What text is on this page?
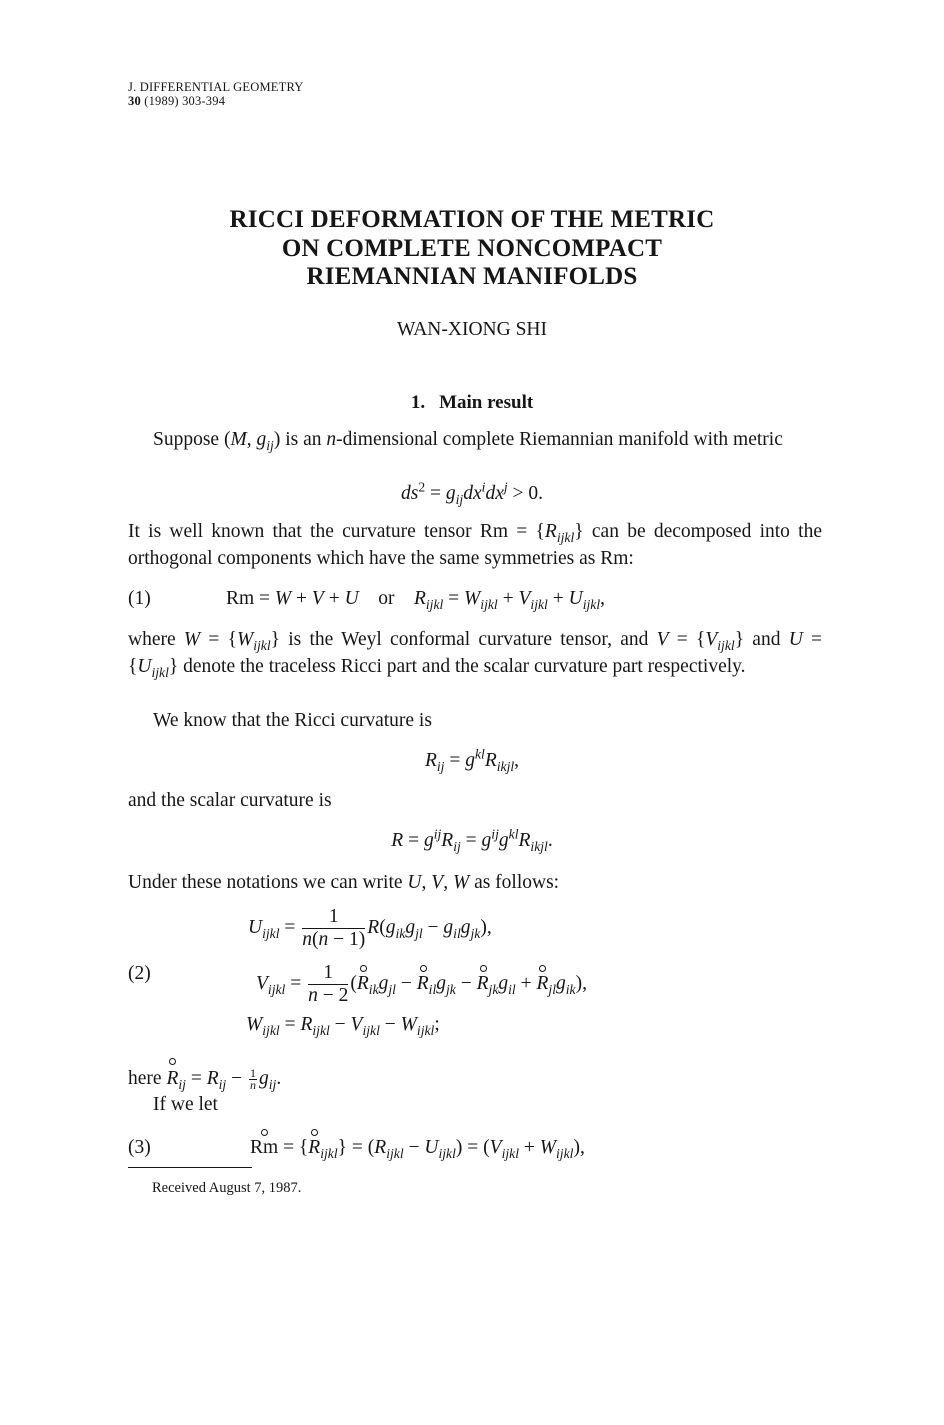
J. DIFFERENTIAL GEOMETRY
30 (1989) 303-394
RICCI DEFORMATION OF THE METRIC
ON COMPLETE NONCOMPACT
RIEMANNIAN MANIFOLDS
WAN-XIONG SHI
1. Main result
Suppose (M, $g_{ij}$) is an n-dimensional complete Riemannian manifold with metric
$ds^2 = g_{ij}dx^idx^j > 0$.
It is well known that the curvature tensor $Rm = \{R_{ijkl}\}$ can be decomposed into the orthogonal components which have the same symmetries as Rm:
(1)	Rm = W + V + U or $R_{ijkl} = W_{ijkl} + V_{ijkl} + U_{ijkl}$,
where $W = \{W_{ijkl}\}$ is the Weyl conformal curvature tensor, and $V = \{V_{ijkl}\}$ and $U = \{U_{ijkl}\}$ denote the traceless Ricci part and the scalar curvature part respectively.
We know that the Ricci curvature is
$R_{ij} = g^{kl}R_{ikjl}$,
and the scalar curvature is
$R = g^{ij}R_{ij} = g^{ij}g^{kl}R_{ikjl}$.
Under these notations we can write U, V, W as follows:
$U_{ijkl} = \frac{1}{n(n - 1)} R(g_{ik}g_{jl} - g_{il}g_{jk})$,
(2)	$V_{ijkl} = \frac{1}{n - 2} (R_{ik}g_{jl} - R_{il}g_{jk} - R_{jk}g_{il} + R_{jl}g_{ik})$,
$W_{ijkl} = R_{ijkl} - V_{ijkl} - W_{ijkl}$;
here $R_{ij} = R_{ij} - \frac{1}{n} g_{ij}$.
If we let
(3)	$Rm = \{R_{ijkl}\} = (R_{ijkl} - U_{ijkl}) = (V_{ijkl} + W_{ijkl})$,
Received August 7, 1987.
